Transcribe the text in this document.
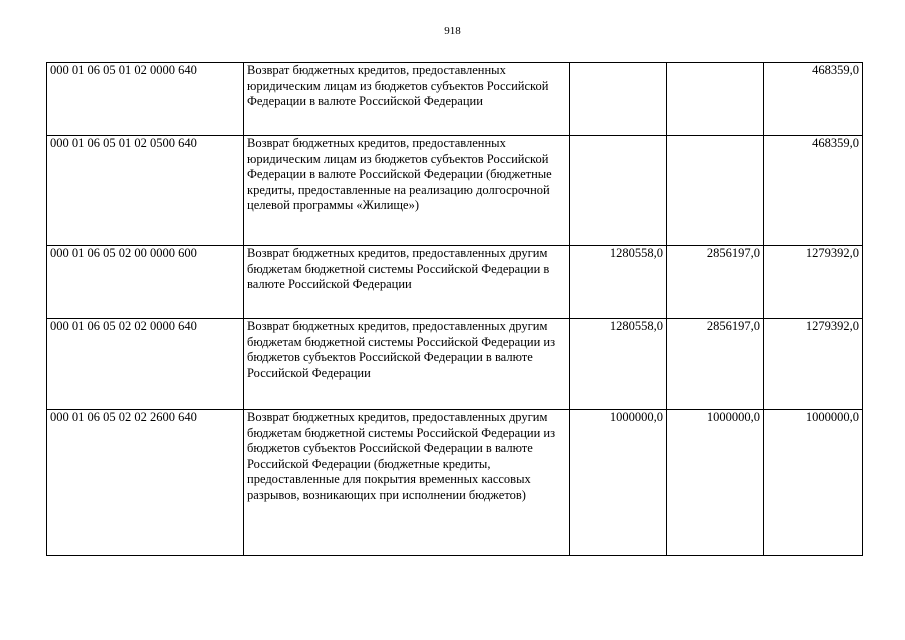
918
000 01 06 05 01 02 0000 640	Возврат бюджетных кредитов, предоставленных юридическим лицам из бюджетов субъектов Российской Федерации в валюте Российской Федерации			468359,0
000 01 06 05 01 02 0500 640	Возврат бюджетных кредитов, предоставленных юридическим лицам из бюджетов субъектов Российской Федерации в валюте Российской Федерации (бюджетные кредиты, предоставленные на реализацию долгосрочной целевой программы «Жилище»)			468359,0
000 01 06 05 02 00 0000 600	Возврат бюджетных кредитов, предоставленных другим бюджетам бюджетной системы Российской Федерации в валюте Российской Федерации	1280558,0	2856197,0	1279392,0
000 01 06 05 02 02 0000 640	Возврат бюджетных кредитов, предоставленных другим бюджетам бюджетной системы Российской Федерации из бюджетов субъектов Российской Федерации в валюте Российской Федерации	1280558,0	2856197,0	1279392,0
000 01 06 05 02 02 2600 640	Возврат бюджетных кредитов, предоставленных другим бюджетам бюджетной системы Российской Федерации из бюджетов субъектов Российской Федерации в валюте Российской Федерации (бюджетные кредиты, предоставленные для покрытия временных кассовых разрывов, возникающих при исполнении бюджетов)	1000000,0	1000000,0	1000000,0
